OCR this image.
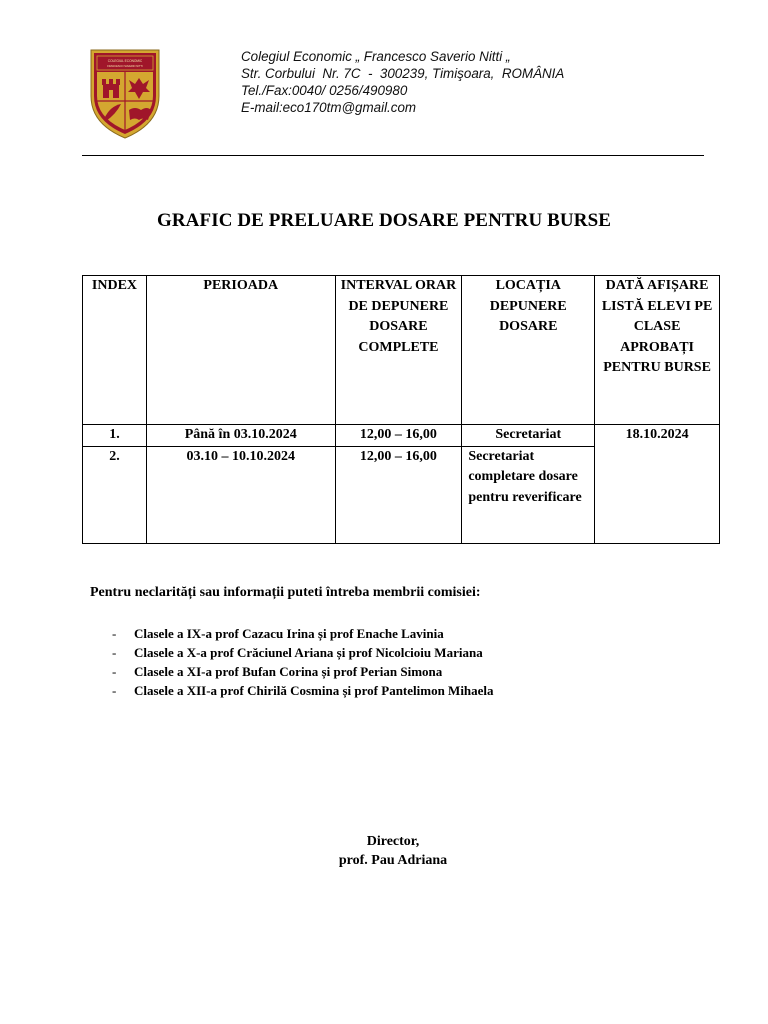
COLEGIUL ECONOMIC
FRANCESCO SAVERIO NITTI
Colegiul Economic „ Francesco Saverio Nitti „
Str. Corbului  Nr. 7C  -  300239, Timişoara,  ROMÂNIA
Tel./Fax:0040/ 0256/490980
E-mail:eco170tm@gmail.com
GRAFIC DE PRELUARE DOSARE PENTRU BURSE
INDEX	PERIOADA	INTERVAL ORAR DE DEPUNERE DOSARE COMPLETE	LOCAȚIA DEPUNERE DOSARE	DATĂ AFIȘARE LISTĂ ELEVI PE CLASE APROBAȚI PENTRU BURSE
1.	Până în 03.10.2024	12,00 – 16,00	Secretariat	18.10.2024
2.	03.10 – 10.10.2024	12,00 – 16,00	Secretariat completare dosare pentru reverificare	
Pentru neclarități sau informații puteti întreba membrii comisiei:
- Clasele a IX-a prof Cazacu Irina și prof Enache Lavinia
- Clasele a X-a prof Crăciunel Ariana și prof Nicolcioiu Mariana
- Clasele a XI-a prof Bufan Corina și prof Perian Simona
- Clasele a XII-a prof Chirilă Cosmina și prof Pantelimon Mihaela
Director,
prof. Pau Adriana
